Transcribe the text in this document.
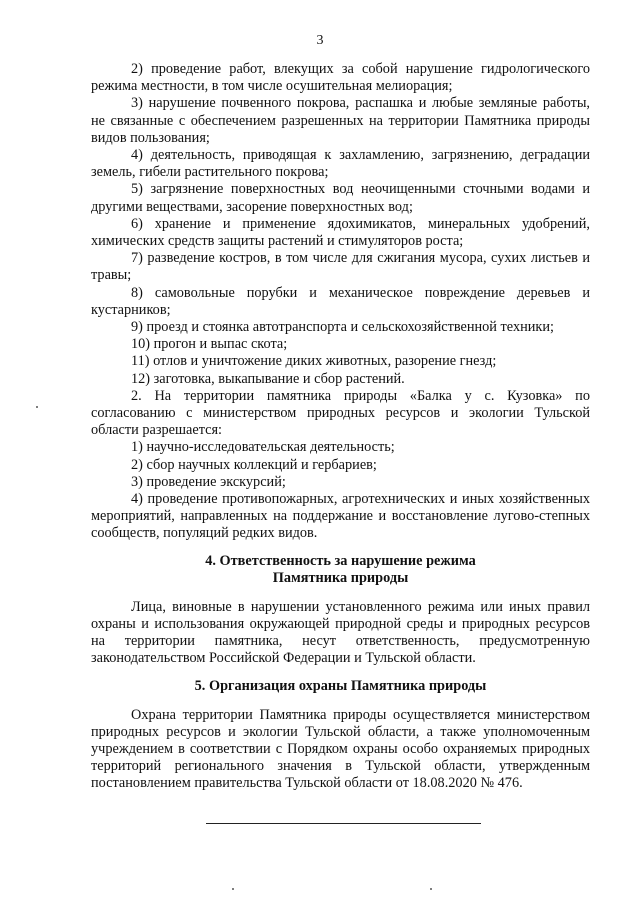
3

2) проведение работ, влекущих за собой нарушение гидрологического режима местности, в том числе осушительная мелиорация;

3) нарушение почвенного покрова, распашка и любые земляные работы, не связанные с обеспечением разрешенных на территории Памятника природы видов пользования;

4) деятельность, приводящая к захламлению, загрязнению, деградации земель, гибели растительного покрова;

5) загрязнение поверхностных вод неочищенными сточными водами и другими веществами, засорение поверхностных вод;

6) хранение и применение ядохимикатов, минеральных удобрений, химических средств защиты растений и стимуляторов роста;

7) разведение костров, в том числе для сжигания мусора, сухих листьев и травы;

8) самовольные порубки и механическое повреждение деревьев и кустарников;

9) проезд и стоянка автотранспорта и сельскохозяйственной техники;

10) прогон и выпас скота;

11) отлов и уничтожение диких животных, разорение гнезд;

12) заготовка, выкапывание и сбор растений.

2. На территории памятника природы «Балка у с. Кузовка» по согласованию с министерством природных ресурсов и экологии Тульской области разрешается:

1) научно-исследовательская деятельность;

2) сбор научных коллекций и гербариев;

3) проведение экскурсий;

4) проведение противопожарных, агротехнических и иных хозяйственных мероприятий, направленных на поддержание и восстановление лугово-степных сообществ, популяций редких видов.

4. Ответственность за нарушение режима
Памятника природы

Лица, виновные в нарушении установленного режима или иных правил охраны и использования окружающей природной среды и природных ресурсов на территории памятника, несут ответственность, предусмотренную законодательством Российской Федерации и Тульской области.

5. Организация охраны Памятника природы

Охрана территории Памятника природы осуществляется министерством природных ресурсов и экологии Тульской области, а также уполномоченным учреждением в соответствии с Порядком охраны особо охраняемых природных территорий регионального значения в Тульской области, утвержденным постановлением правительства Тульской области от 18.08.2020 № 476.
